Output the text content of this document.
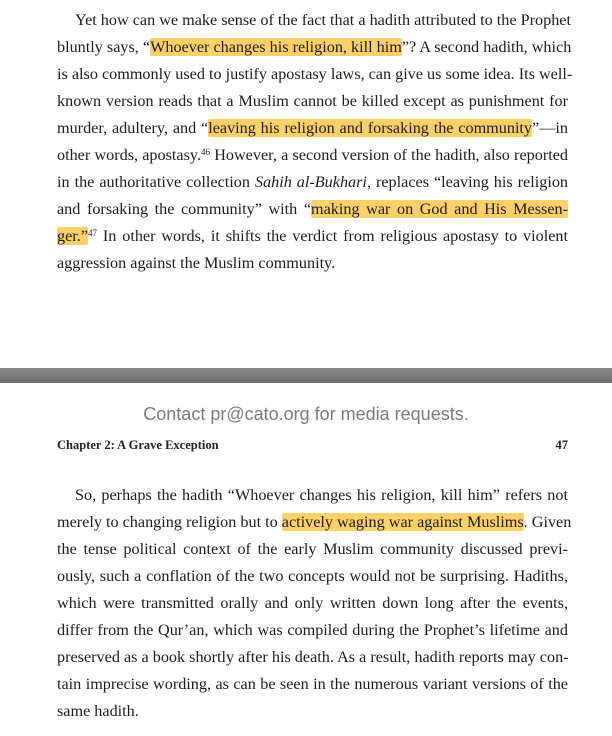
Yet how can we make sense of the fact that a hadith attributed to the Prophet
bluntly says, “Whoever changes his religion, kill him”? A second hadith, which
is also commonly used to justify apostasy laws, can give us some idea. Its well-
known version reads that a Muslim cannot be killed except as punishment for
murder, adultery, and “leaving his religion and forsaking the community”—in
other words, apostasy.$^{46}$ However, a second version of the hadith, also reported
in the authoritative collection Sahih al-Bukhari, replaces “leaving his religion
and forsaking the community” with “making war on God and His Messen-
ger.”$^{47}$ In other words, it shifts the verdict from religious apostasy to violent
aggression against the Muslim community.
Contact pr@cato.org for media requests.
Chapter 2: A Grave Exception	47
So, perhaps the hadith “Whoever changes his religion, kill him” refers not
merely to changing religion but to actively waging war against Muslims. Given
the tense political context of the early Muslim community discussed previ-
ously, such a conflation of the two concepts would not be surprising. Hadiths,
which were transmitted orally and only written down long after the events,
differ from the Qur’an, which was compiled during the Prophet’s lifetime and
preserved as a book shortly after his death. As a result, hadith reports may con-
tain imprecise wording, as can be seen in the numerous variant versions of the
same hadith.
